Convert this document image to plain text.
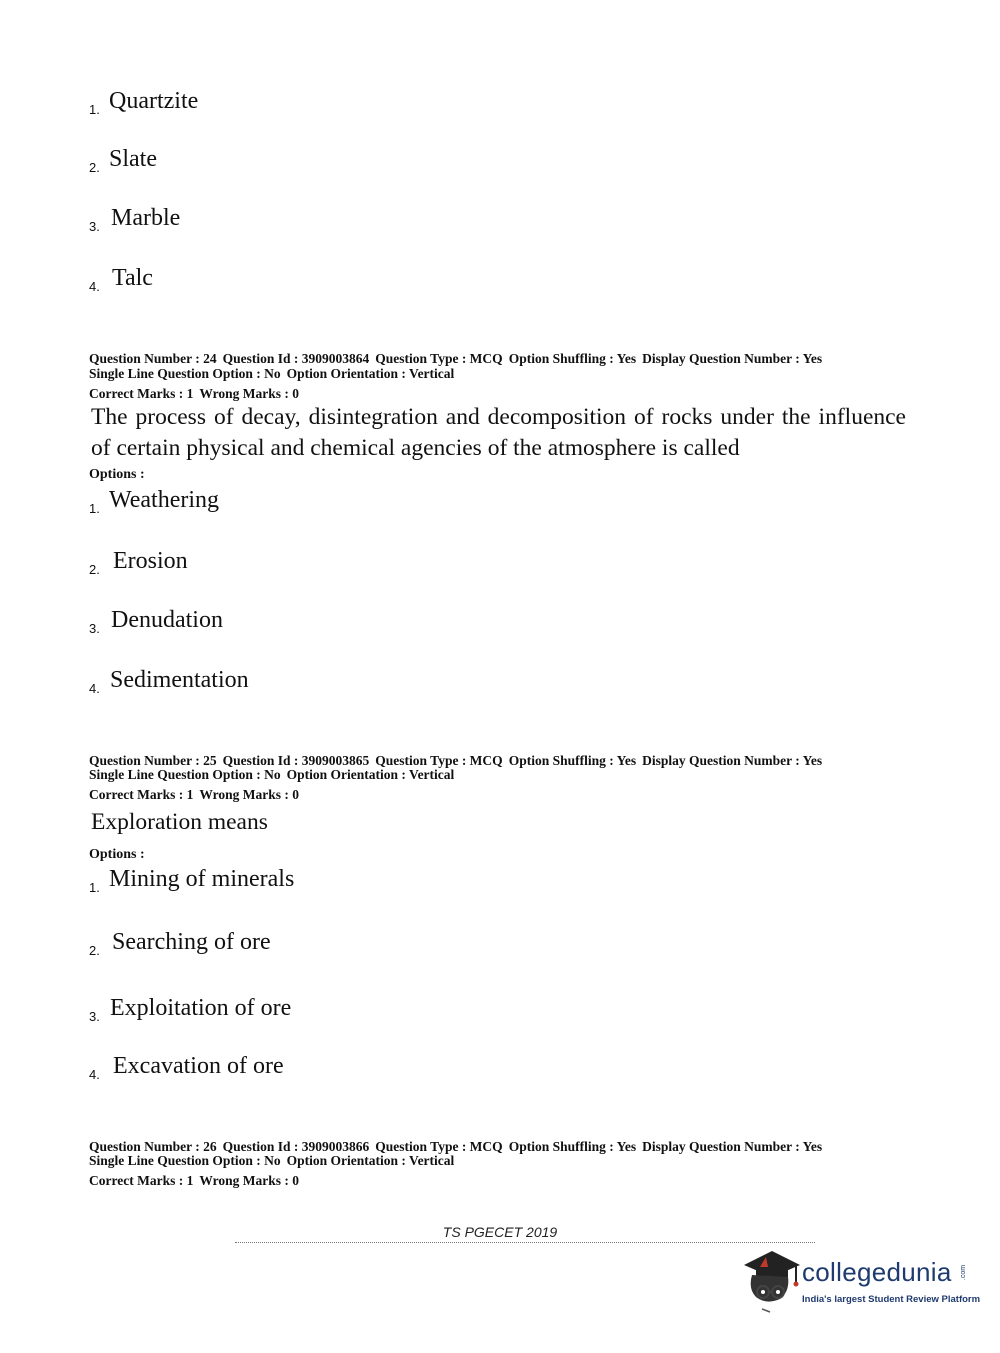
1. Quartzite
2. Slate
3. Marble
4. Talc
Question Number : 24 Question Id : 3909003864 Question Type : MCQ Option Shuffling : Yes Display Question Number : Yes
Single Line Question Option : No Option Orientation : Vertical
Correct Marks : 1 Wrong Marks : 0
The process of decay, disintegration and decomposition of rocks under the influence of certain physical and chemical agencies of the atmosphere is called
Options :
1. Weathering
2. Erosion
3. Denudation
4. Sedimentation
Question Number : 25 Question Id : 3909003865 Question Type : MCQ Option Shuffling : Yes Display Question Number : Yes
Single Line Question Option : No Option Orientation : Vertical
Correct Marks : 1 Wrong Marks : 0
Exploration means
Options :
1. Mining of minerals
2. Searching of ore
3. Exploitation of ore
4. Excavation of ore
Question Number : 26 Question Id : 3909003866 Question Type : MCQ Option Shuffling : Yes Display Question Number : Yes
Single Line Question Option : No Option Orientation : Vertical
Correct Marks : 1 Wrong Marks : 0
TS PGECET 2019
collegedunia .com
India's largest Student Review Platform
